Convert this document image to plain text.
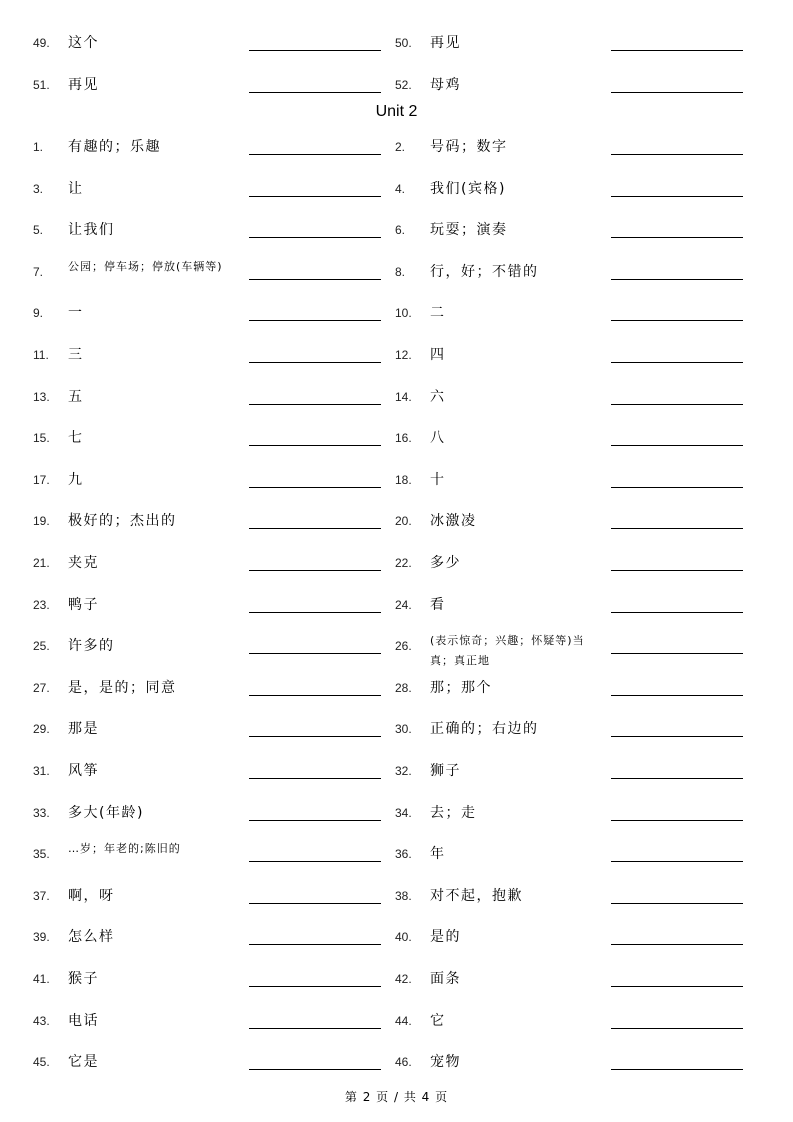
49. 这个	50. 再见
51. 再见	52. 母鸡
Unit 2
1. 有趣的；乐趣	2. 号码；数字
3. 让	4. 我们(宾格)
5. 让我们	6. 玩耍；演奏
7. 公园；停车场；停放(车辆等)	8. 行，好；不错的
9. 一	10. 二
11. 三	12. 四
13. 五	14. 六
15. 七	16. 八
17. 九	18. 十
19. 极好的；杰出的	20. 冰激凌
21. 夹克	22. 多少
23. 鸭子	24. 看
25. 许多的	26. (表示惊奇；兴趣；怀疑等)当真；真正地
27. 是，是的；同意	28. 那；那个
29. 那是	30. 正确的；右边的
31. 风筝	32. 狮子
33. 多大(年龄)	34. 去；走
35. …岁；年老的;陈旧的	36. 年
37. 啊，呀	38. 对不起，抱歉
39. 怎么样	40. 是的
41. 猴子	42. 面条
43. 电话	44. 它
45. 它是	46. 宠物
第 2 页 / 共 4 页
